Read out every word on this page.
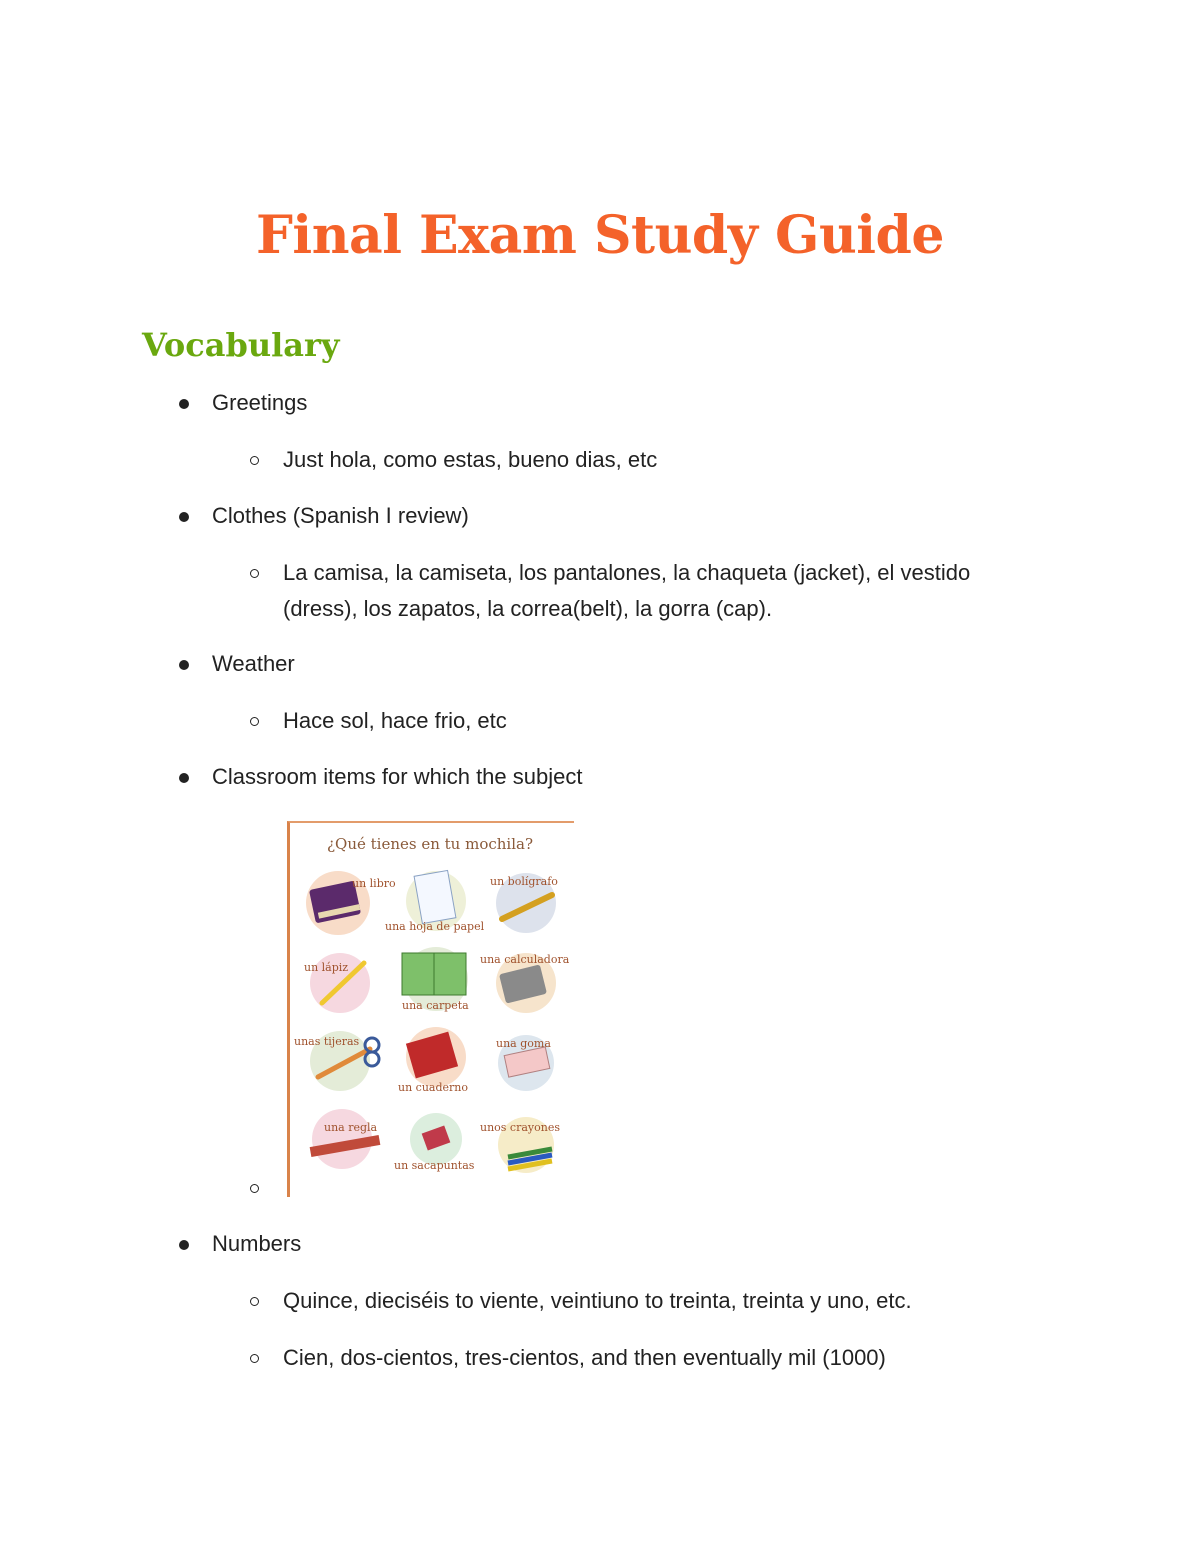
Final Exam Study Guide
Vocabulary
Greetings
Just hola, como estas, bueno dias, etc
Clothes (Spanish I review)
La camisa, la camiseta, los pantalones, la chaqueta (jacket), el vestido
(dress), los zapatos, la correa(belt), la gorra (cap).
Weather
Hace sol, hace frio, etc
Classroom items for which the subject
¿Qué tienes en tu mochila?
un libro
una hoja de papel
un bolígrafo
un lápiz
una carpeta
una calculadora
unas tijeras
un cuaderno
una goma
una regla
un sacapuntas
unos crayones
Numbers
Quince, dieciséis to viente, veintiuno to treinta, treinta y uno, etc.
Cien, dos-cientos, tres-cientos, and then eventually mil (1000)
